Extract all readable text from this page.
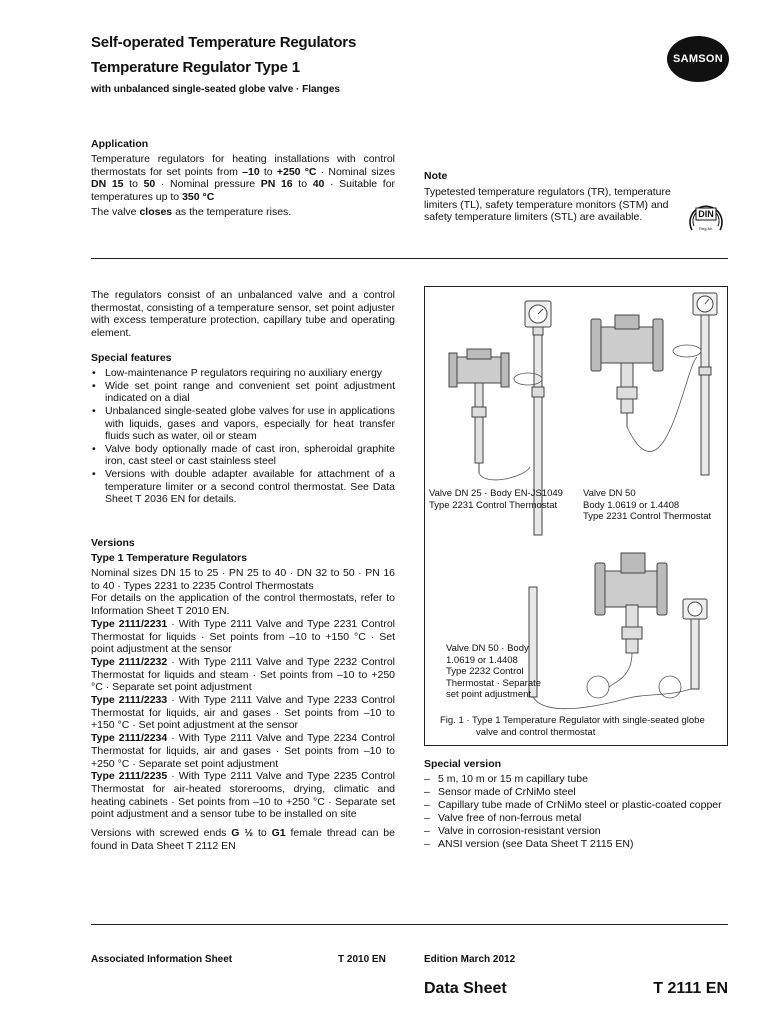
Self-operated Temperature Regulators
Temperature Regulator Type 1
with unbalanced single-seated globe valve · Flanges
SAMSON
Application
Temperature regulators for heating installations with control thermostats for set points from –10 to +250 °C · Nominal sizes DN 15 to 50 · Nominal pressure PN 16 to 40 · Suitable for temperatures up to 350 °C
The valve closes as the temperature rises.
Note
Typetested temperature regulators (TR), temperature limiters (TL), safety temperature monitors (STM) and safety temperature limiters (STL) are available.	DIN
Reg-Nr.
The regulators consist of an unbalanced valve and a control thermostat, consisting of a temperature sensor, set point adjuster with excess temperature protection, capillary tube and operating element.
Special features
• Low-maintenance P regulators requiring no auxiliary energy
• Wide set point range and convenient set point adjustment indicated on a dial
• Unbalanced single-seated globe valves for use in applications with liquids, gases and vapors, especially for heat transfer fluids such as water, oil or steam
• Valve body optionally made of cast iron, spheroidal graphite iron, cast steel or cast stainless steel
• Versions with double adapter available for attachment of a temperature limiter or a second control thermostat. See Data Sheet T 2036 EN for details.
Versions
Type 1 Temperature Regulators
Nominal sizes DN 15 to 25 · PN 25 to 40 · DN 32 to 50 · PN 16 to 40 · Types 2231 to 2235 Control Thermostats
For details on the application of the control thermostats, refer to Information Sheet T 2010 EN.
Type 2111/2231 · With Type 2111 Valve and Type 2231 Control Thermostat for liquids · Set points from –10 to +150 °C · Set point adjustment at the sensor
Type 2111/2232 · With Type 2111 Valve and Type 2232 Control Thermostat for liquids and steam · Set points from –10 to +250 °C · Separate set point adjustment
Type 2111/2233 · With Type 2111 Valve and Type 2233 Control Thermostat for liquids, air and gases · Set points from –10 to +150 °C · Set point adjustment at the sensor
Type 2111/2234 · With Type 2111 Valve and Type 2234 Control Thermostat for liquids, air and gases · Set points from –10 to +250 °C · Separate set point adjustment
Type 2111/2235 · With Type 2111 Valve and Type 2235 Control Thermostat for air-heated storerooms, drying, climatic and heating cabinets · Set points from –10 to +250 °C · Separate set point adjustment and a sensor tube to be installed on site
Versions with screwed ends G ½ to G1 female thread can be found in Data Sheet T 2112 EN
Valve DN 25 · Body EN-JS1049
Type 2231 Control Thermostat
Valve DN 50
Body 1.0619 or 1.4408
Type 2231 Control Thermostat
Valve DN 50 · Body
1.0619 or 1.4408
Type 2232 Control
Thermostat · Separate
set point adjustment
Fig. 1 · Type 1 Temperature Regulator with single-seated globe
valve and control thermostat
Special version
– 5 m, 10 m or 15 m capillary tube
– Sensor made of CrNiMo steel
– Capillary tube made of CrNiMo steel or plastic-coated copper
– Valve free of non-ferrous metal
– Valve in corrosion-resistant version
– ANSI version (see Data Sheet T 2115 EN)
Associated Information Sheet	T 2010 EN	Edition March 2012
Data Sheet	T 2111 EN
